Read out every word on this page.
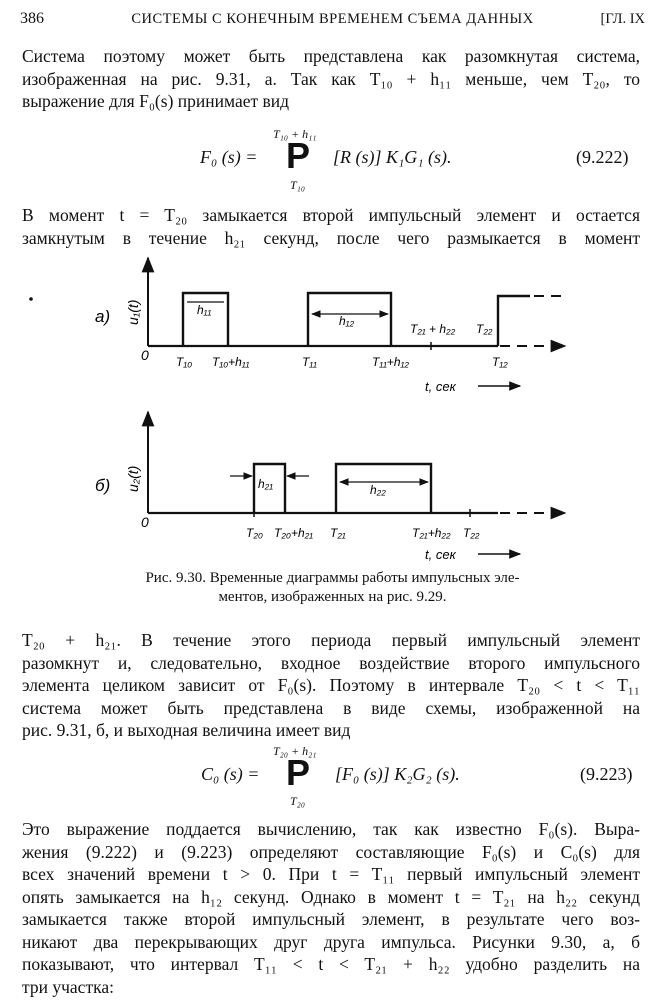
386	СИСТЕМЫ С КОНЕЧНЫМ ВРЕМЕНЕМ СЪЕМА ДАННЫХ	[ГЛ. IX

Система поэтому может быть представлена как разомкнутая система,
изображенная на рис. 9.31, а. Так как T₁₀ + h₁₁ меньше, чем T₂₀, то
выражение для F₀(s) принимает вид

F₀ (s) =
T₁₀ + h₁₁
P
T₁₀
[R (s)] K₁G₁ (s).	(9.222)

В момент t = T₂₀ замыкается второй импульсный элемент и остается
замкнутым в течение h₂₁ секунд, после чего размыкается в момент

а) u₁(t)
0
h₁₁
h₁₂
T₂₁ + h₂₂ T₂₂
T₁₀ T₁₀+h₁₁	T₁₁	T₁₁+h₁₂	T₁₂
t, сек
б) u₂(t)
0
h₂₁	h₂₂
T₂₀ T₂₀+h₂₁ T₂₁	T₂₁+h₂₂ T₂₂
t, сек
Рис. 9.30. Временные диаграммы работы импульсных эле-
ментов, изображенных на рис. 9.29.

T₂₀ + h₂₁. В течение этого периода первый импульсный элемент
разомкнут и, следовательно, входное воздействие второго импульсного
элемента целиком зависит от F₀(s). Поэтому в интервале T₂₀ < t < T₁₁
система может быть представлена в виде схемы, изображенной на
рис. 9.31, б, и выходная величина имеет вид

C₀ (s) =
T₂₀ + h₂₁
P
T₂₀
[F₀ (s)] K₂G₂ (s).	(9.223)

Это выражение поддается вычислению, так как известно F₀(s). Выра-
жения (9.222) и (9.223) определяют составляющие F₀(s) и C₀(s) для
всех значений времени t > 0. При t = T₁₁ первый импульсный элемент
опять замыкается на h₁₂ секунд. Однако в момент t = T₂₁ на h₂₂ секунд
замыкается также второй импульсный элемент, в результате чего воз-
никают два перекрывающих друг друга импульса. Рисунки 9.30, а, б
показывают, что интервал T₁₁ < t < T₂₁ + h₂₂ удобно разделить на
три участка:
